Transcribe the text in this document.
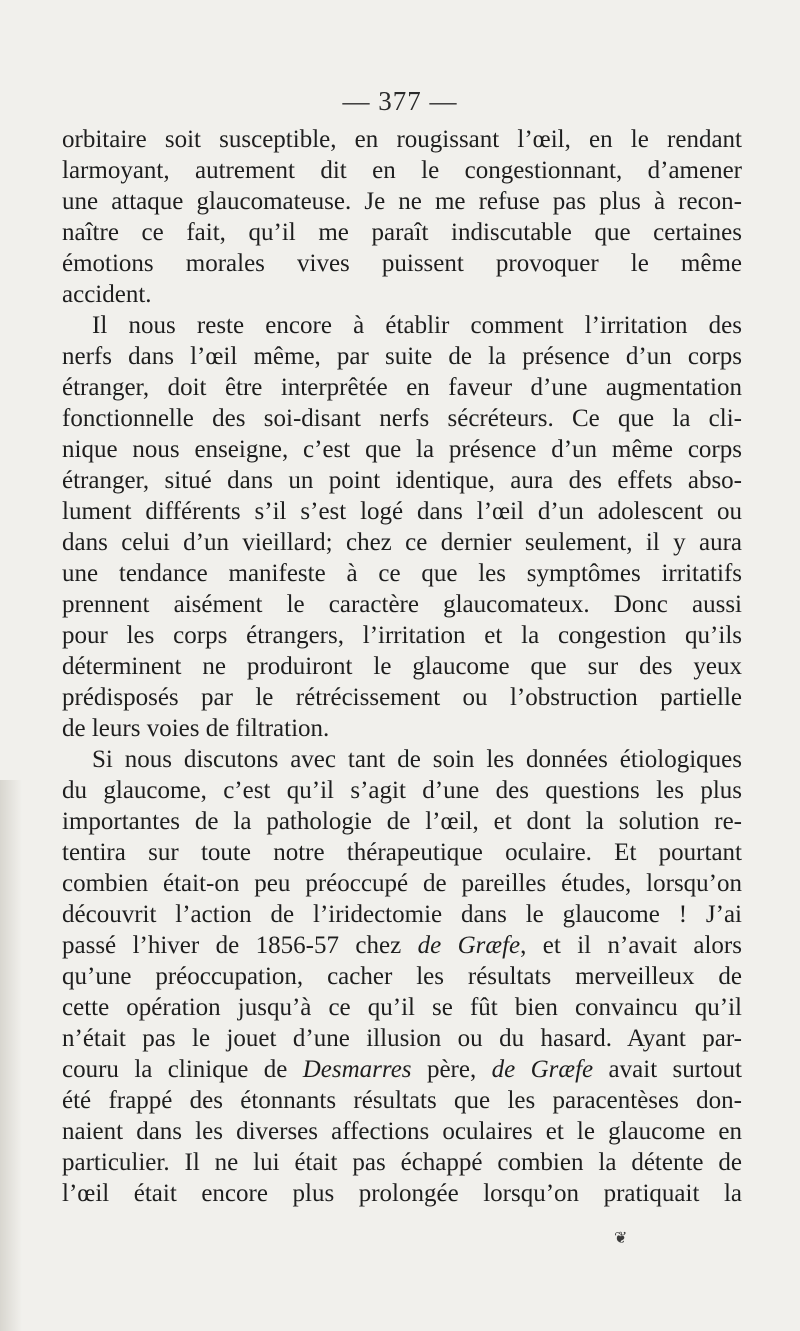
— 377 —
orbitaire soit susceptible, en rougissant l’œil, en le rendant
larmoyant, autrement dit en le congestionnant, d’amener
une attaque glaucomateuse. Je ne me refuse pas plus à recon-
naître ce fait, qu’il me paraît indiscutable que certaines
émotions morales vives puissent provoquer le même
accident.
Il nous reste encore à établir comment l’irritation des
nerfs dans l’œil même, par suite de la présence d’un corps
étranger, doit être interprêtée en faveur d’une augmentation
fonctionnelle des soi-disant nerfs sécréteurs. Ce que la cli-
nique nous enseigne, c’est que la présence d’un même corps
étranger, situé dans un point identique, aura des effets abso-
lument différents s’il s’est logé dans l’œil d’un adolescent ou
dans celui d’un vieillard; chez ce dernier seulement, il y aura
une tendance manifeste à ce que les symptômes irritatifs
prennent aisément le caractère glaucomateux. Donc aussi
pour les corps étrangers, l’irritation et la congestion qu’ils
déterminent ne produiront le glaucome que sur des yeux
prédisposés par le rétrécissement ou l’obstruction partielle
de leurs voies de filtration.
Si nous discutons avec tant de soin les données étiologiques
du glaucome, c’est qu’il s’agit d’une des questions les plus
importantes de la pathologie de l’œil, et dont la solution re-
tentira sur toute notre thérapeutique oculaire. Et pourtant
combien était-on peu préoccupé de pareilles études, lorsqu’on
découvrit l’action de l’iridectomie dans le glaucome ! J’ai
passé l’hiver de 1856-57 chez de Græfe, et il n’avait alors
qu’une préoccupation, cacher les résultats merveilleux de
cette opération jusqu’à ce qu’il se fût bien convaincu qu’il
n’était pas le jouet d’une illusion ou du hasard. Ayant par-
couru la clinique de Desmarres père, de Græfe avait surtout
été frappé des étonnants résultats que les paracentèses don-
naient dans les diverses affections oculaires et le glaucome en
particulier. Il ne lui était pas échappé combien la détente de
l’œil était encore plus prolongée lorsqu’on pratiquait la
❦
